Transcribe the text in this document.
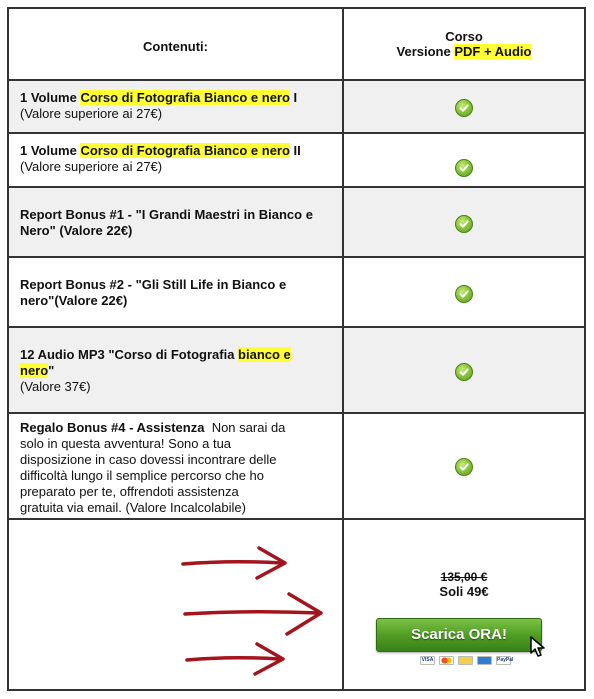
Contenuti:
Corso
Versione PDF + Audio
1 Volume Corso di Fotografia Bianco e nero I
(Valore superiore ai 27€)
1 Volume Corso di Fotografia Bianco e nero II
(Valore superiore ai 27€)
Report Bonus #1 - "I Grandi Maestri in Bianco e
Nero" (Valore 22€)
Report Bonus #2 - "Gli Still Life in Bianco e
nero"(Valore 22€)
12 Audio MP3 "Corso di Fotografia bianco e
nero"
(Valore 37€)
Regalo Bonus #4 - Assistenza  Non sarai da
solo in questa avventura! Sono a tua
disposizione in caso dovessi incontrare delle
difficoltà lungo il semplice percorso che ho
preparato per te, offrendoti assistenza
gratuita via email. (Valore Incalcolabile)
135,00 €
Soli 49€
Scarica ORA!
VISA	PayPal
